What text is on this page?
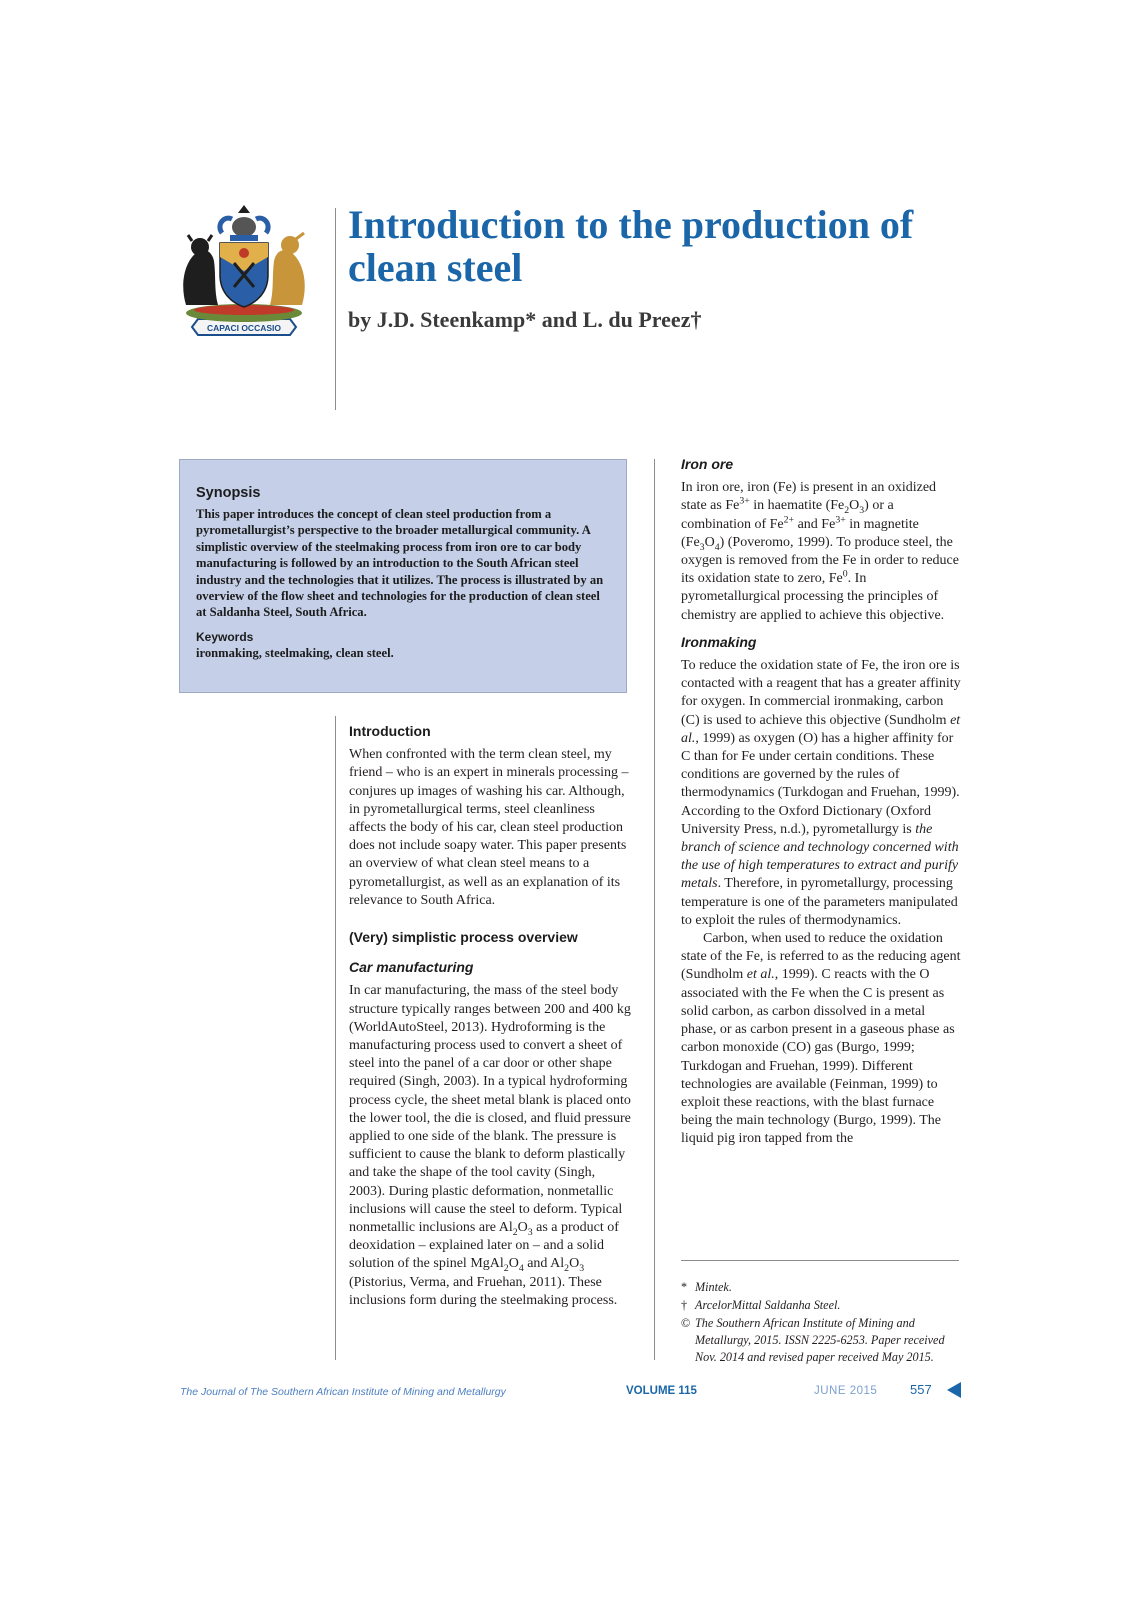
CAPACI OCCASIO
Introduction to the production of clean steel

by J.D. Steenkamp* and L. du Preez†

Synopsis

This paper introduces the concept of clean steel production from a pyrometallurgist’s perspective to the broader metallurgical community. A simplistic overview of the steelmaking process from iron ore to car body manufacturing is followed by an introduction to the South African steel industry and the technologies that it utilizes. The process is illustrated by an overview of the flow sheet and technologies for the production of clean steel at Saldanha Steel, South Africa.

Keywords

ironmaking, steelmaking, clean steel.

Introduction

When confronted with the term clean steel, my friend – who is an expert in minerals processing – conjures up images of washing his car. Although, in pyrometallurgical terms, steel cleanliness affects the body of his car, clean steel production does not include soapy water. This paper presents an overview of what clean steel means to a pyrometallurgist, as well as an explanation of its relevance to South Africa.

(Very) simplistic process overview
Car manufacturing

In car manufacturing, the mass of the steel body structure typically ranges between 200 and 400 kg (WorldAutoSteel, 2013). Hydroforming is the manufacturing process used to convert a sheet of steel into the panel of a car door or other shape required (Singh, 2003). In a typical hydroforming process cycle, the sheet metal blank is placed onto the lower tool, the die is closed, and fluid pressure applied to one side of the blank. The pressure is sufficient to cause the blank to deform plastically and take the shape of the tool cavity (Singh, 2003). During plastic deformation, nonmetallic inclusions will cause the steel to deform. Typical nonmetallic inclusions are $Al_2O_3$ as a product of deoxidation – explained later on – and a solid solution of the spinel $MgAl_2O_4$ and $Al_2O_3$ (Pistorius, Verma, and Fruehan, 2011). These inclusions form during the steelmaking process.

Iron ore

In iron ore, iron (Fe) is present in an oxidized state as $Fe^{3+}$ in haematite $(Fe_2O_3)$ or a combination of $Fe^{2+}$ and $Fe^{3+}$ in magnetite $(Fe_3O_4)$ (Poveromo, 1999). To produce steel, the oxygen is removed from the Fe in order to reduce its oxidation state to zero, Fe$^0$. In pyrometallurgical processing the principles of chemistry are applied to achieve this objective.

Ironmaking

To reduce the oxidation state of Fe, the iron ore is contacted with a reagent that has a greater affinity for oxygen. In commercial ironmaking, carbon (C) is used to achieve this objective (Sundholm et al., 1999) as oxygen (O) has a higher affinity for C than for Fe under certain conditions. These conditions are governed by the rules of thermodynamics (Turkdogan and Fruehan, 1999). According to the Oxford Dictionary (Oxford University Press, n.d.), pyrometallurgy is the branch of science and technology concerned with the use of high temperatures to extract and purify metals. Therefore, in pyrometallurgy, processing temperature is one of the parameters manipulated to exploit the rules of thermodynamics.

Carbon, when used to reduce the oxidation state of the Fe, is referred to as the reducing agent (Sundholm et al., 1999). C reacts with the O associated with the Fe when the C is present as solid carbon, as carbon dissolved in a metal phase, or as carbon present in a gaseous phase as carbon monoxide (CO) gas (Burgo, 1999; Turkdogan and Fruehan, 1999). Different technologies are available (Feinman, 1999) to exploit these reactions, with the blast furnace being the main technology (Burgo, 1999). The liquid pig iron tapped from the

* Mintek.

† ArcelorMittal Saldanha Steel.

© The Southern African Institute of Mining and Metallurgy, 2015. ISSN 2225-6253. Paper received Nov. 2014 and revised paper received May 2015.

The Journal of The Southern African Institute of Mining and Metallurgy	VOLUME 115	JUNE 2015	557
